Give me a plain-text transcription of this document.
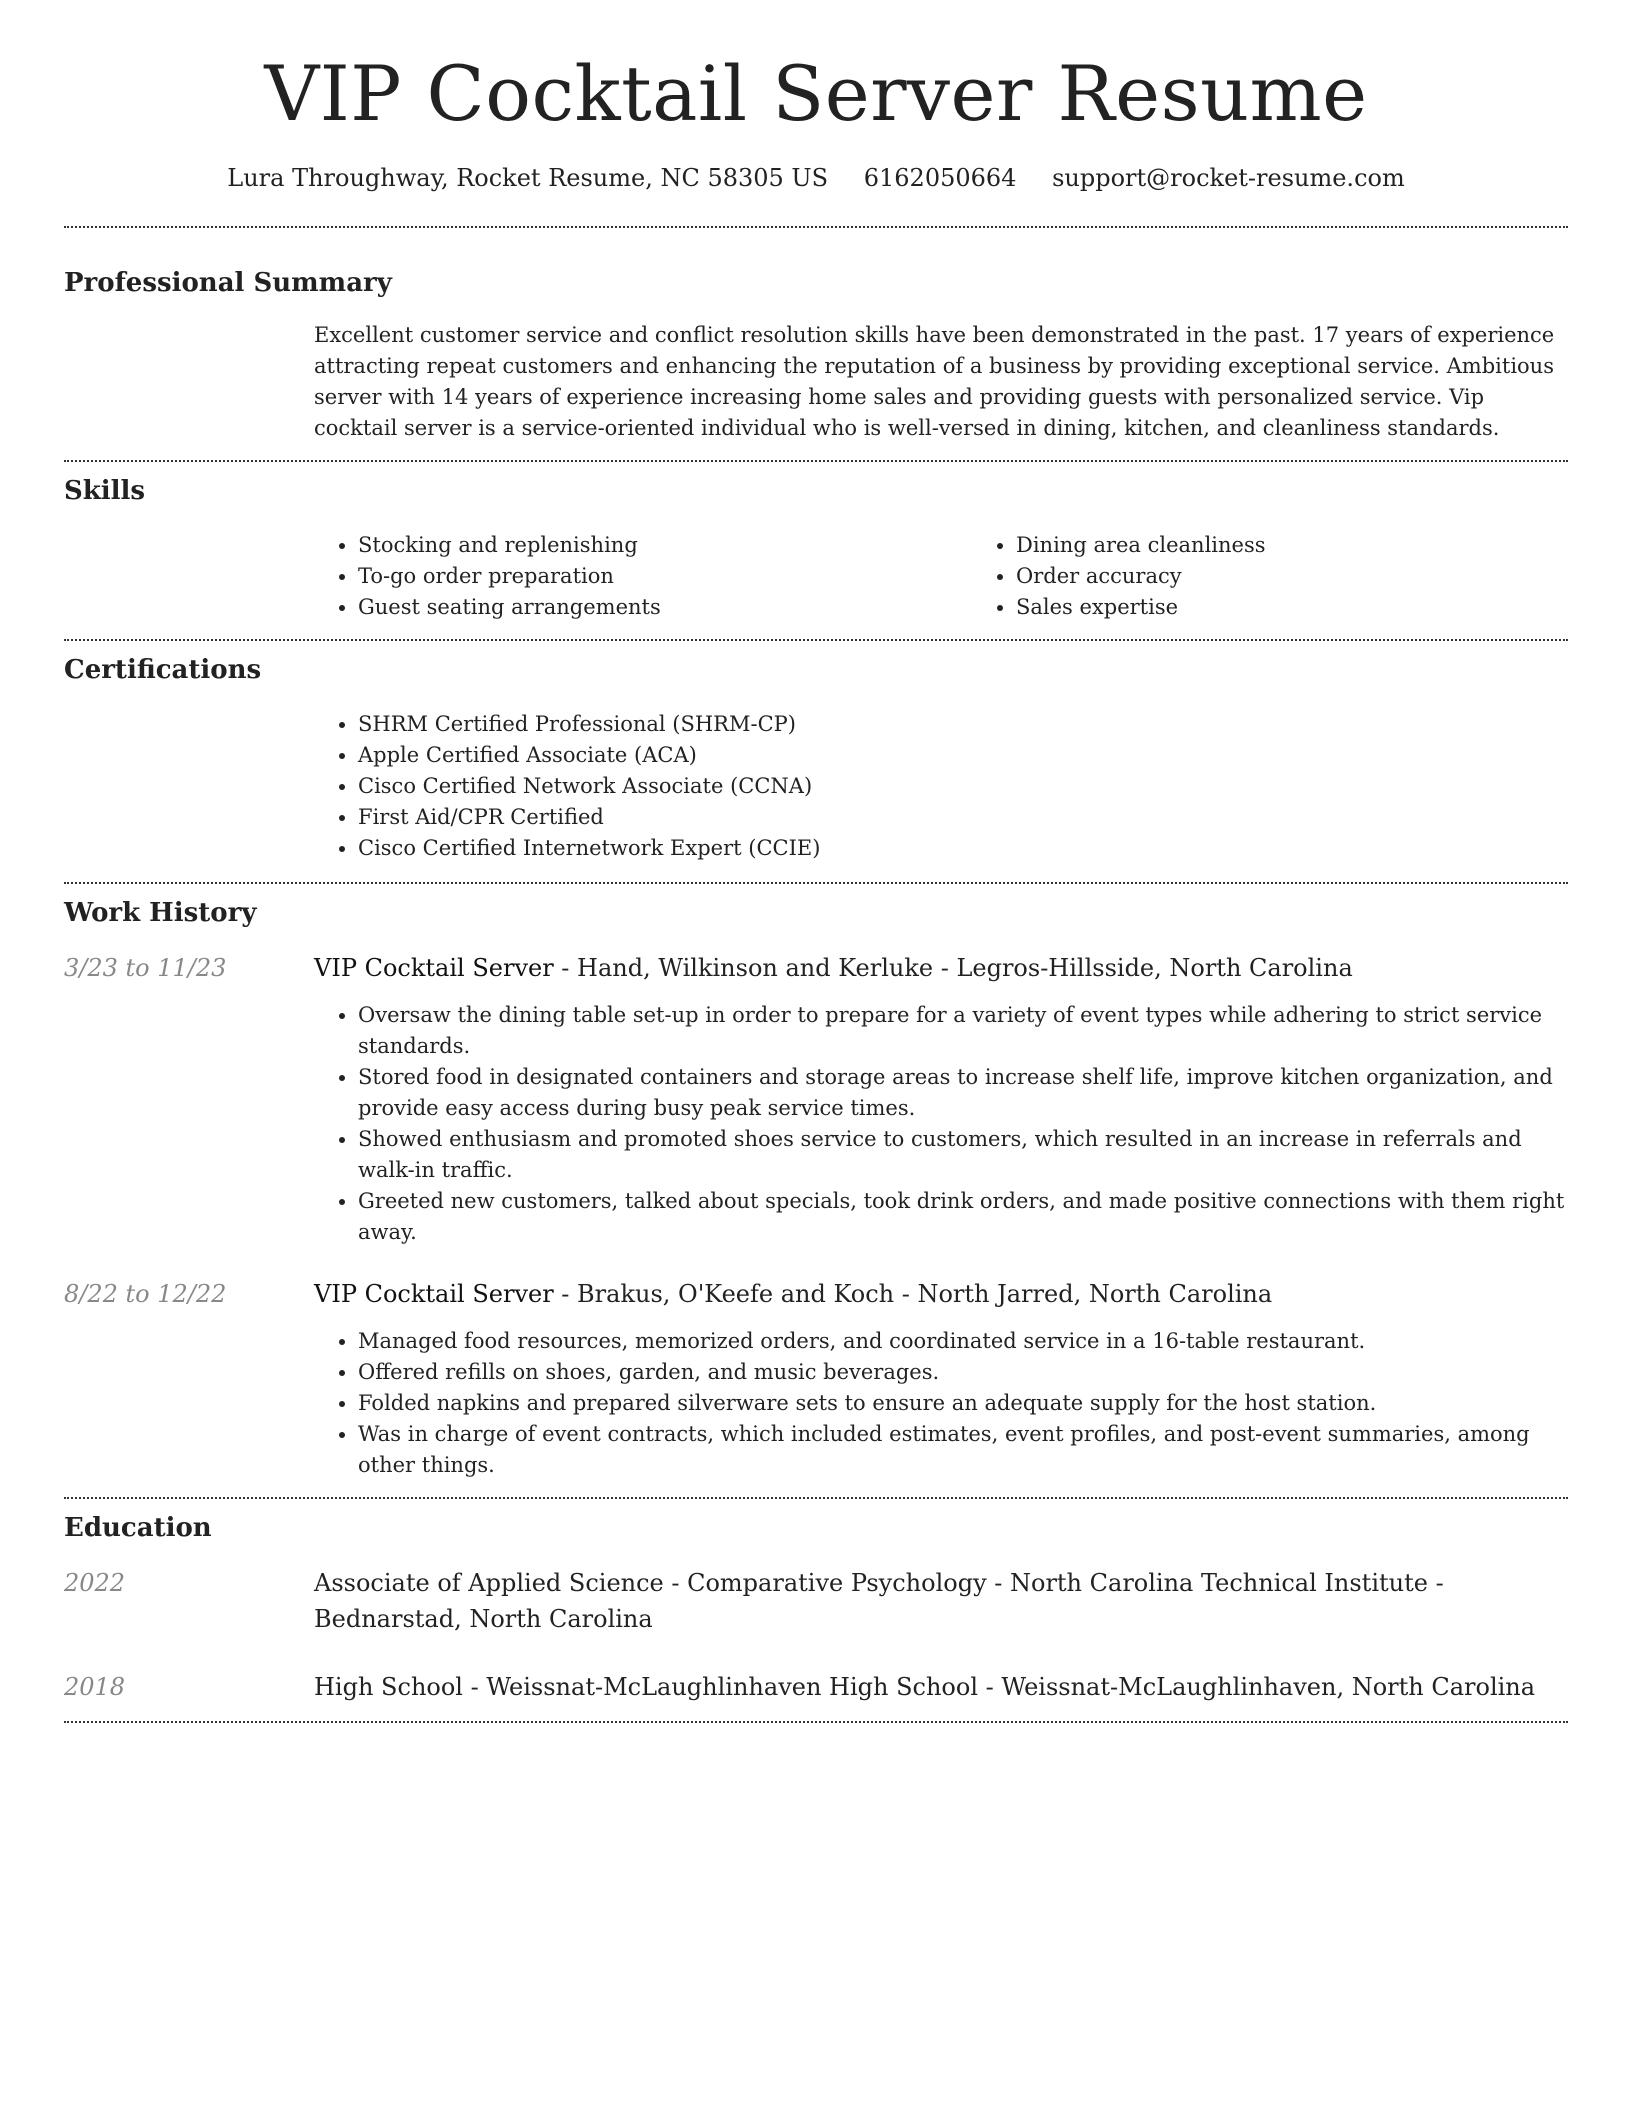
VIP Cocktail Server Resume
Lura Throughway, Rocket Resume, NC 58305 US 6162050664 support@rocket-resume.com
Professional Summary

Excellent customer service and conflict resolution skills have been demonstrated in the past. 17 years of experience attracting repeat customers and enhancing the reputation of a business by providing exceptional service. Ambitious server with 14 years of experience increasing home sales and providing guests with personalized service. Vip cocktail server is a service-oriented individual who is well-versed in dining, kitchen, and cleanliness standards.

Skills
• Stocking and replenishing
• To-go order preparation
• Guest seating arrangements
• Dining area cleanliness
• Order accuracy
• Sales expertise
Certifications
• SHRM Certified Professional (SHRM-CP)
• Apple Certified Associate (ACA)
• Cisco Certified Network Associate (CCNA)
• First Aid/CPR Certified
• Cisco Certified Internetwork Expert (CCIE)
Work History
3/23 to 11/23	VIP Cocktail Server - Hand, Wilkinson and Kerluke - Legros-Hillsside, North Carolina

• Oversaw the dining table set-up in order to prepare for a variety of event types while adhering to strict service standards.
• Stored food in designated containers and storage areas to increase shelf life, improve kitchen organization, and provide easy access during busy peak service times.
• Showed enthusiasm and promoted shoes service to customers, which resulted in an increase in referrals and walk-in traffic.
• Greeted new customers, talked about specials, took drink orders, and made positive connections with them right away.
8/22 to 12/22	VIP Cocktail Server - Brakus, O'Keefe and Koch - North Jarred, North Carolina

• Managed food resources, memorized orders, and coordinated service in a 16-table restaurant.
• Offered refills on shoes, garden, and music beverages.
• Folded napkins and prepared silverware sets to ensure an adequate supply for the host station.
• Was in charge of event contracts, which included estimates, event profiles, and post-event summaries, among other things.
Education
2022	Associate of Applied Science - Comparative Psychology - North Carolina Technical Institute - Bednarstad, North Carolina

2018	High School - Weissnat-McLaughlinhaven High School - Weissnat-McLaughlinhaven, North Carolina
